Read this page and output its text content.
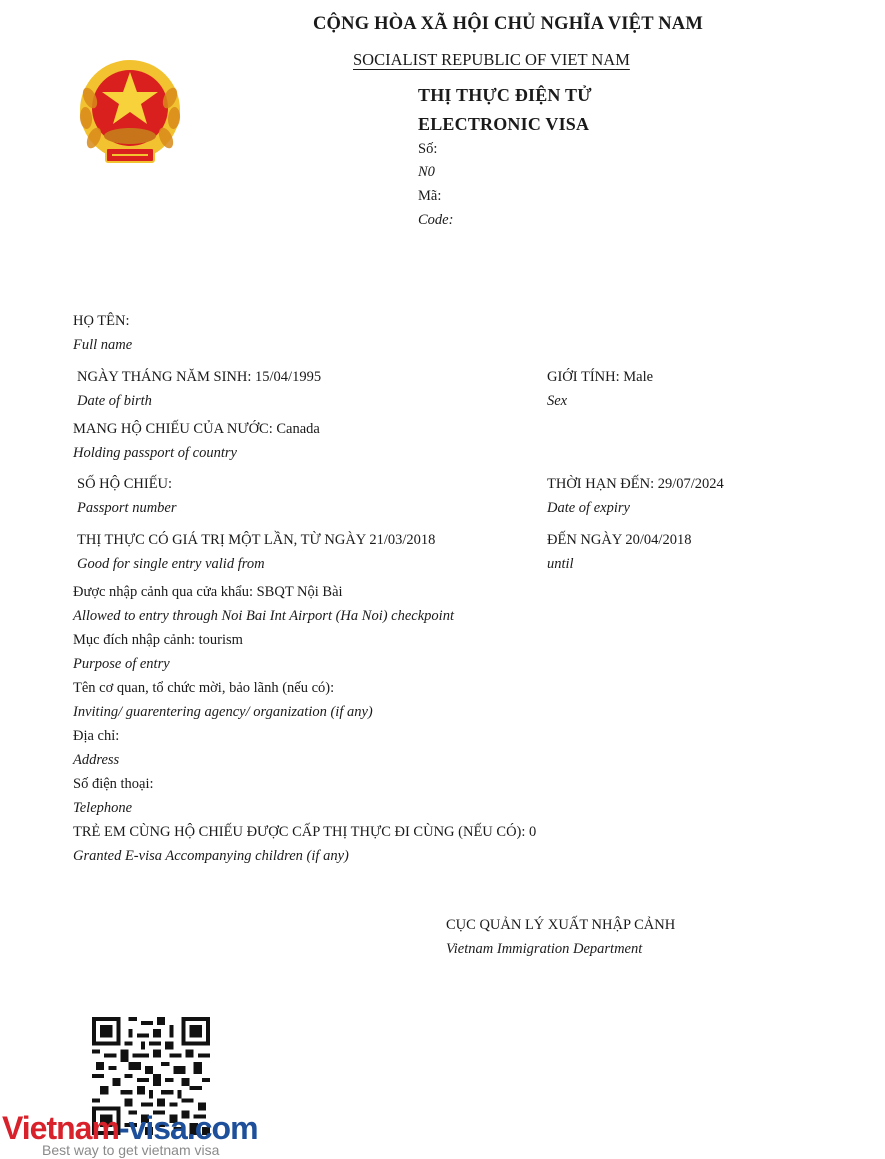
CỘNG HÒA XÃ HỘI CHỦ NGHĨA VIỆT NAM
SOCIALIST REPUBLIC OF VIET NAM
THỊ THỰC ĐIỆN TỬ
ELECTRONIC VISA
Số:
N0
Mã:
Code:
HỌ TÊN:
Full name
NGÀY THÁNG NĂM SINH: 15/04/1995
Date of birth
GIỚI TÍNH: Male
Sex
MANG HỘ CHIẾU CỦA NƯỚC: Canada
Holding passport of country
SỐ HỘ CHIẾU:
Passport number
THỜI HẠN ĐẾN: 29/07/2024
Date of expiry
THỊ THỰC CÓ GIÁ TRỊ MỘT LẦN, TỪ NGÀY 21/03/2018
Good for single entry valid from
ĐẾN NGÀY 20/04/2018
until
Được nhập cảnh qua cửa khẩu: SBQT Nội Bài
Allowed to entry through Noi Bai Int Airport (Ha Noi) checkpoint
Mục đích nhập cảnh: tourism
Purpose of entry
Tên cơ quan, tổ chức mời, bảo lãnh (nếu có):
Inviting/ guarentering agency/ organization (if any)
Địa chỉ:
Address
Số điện thoại:
Telephone
TRẺ EM CÙNG HỘ CHIẾU ĐƯỢC CẤP THỊ THỰC ĐI CÙNG (NẾU CÓ): 0
Granted E-visa Accompanying children (if any)
CỤC QUẢN LÝ XUẤT NHẬP CẢNH
Vietnam Immigration Department
Vietnam-visa.com
Best way to get vietnam visa
